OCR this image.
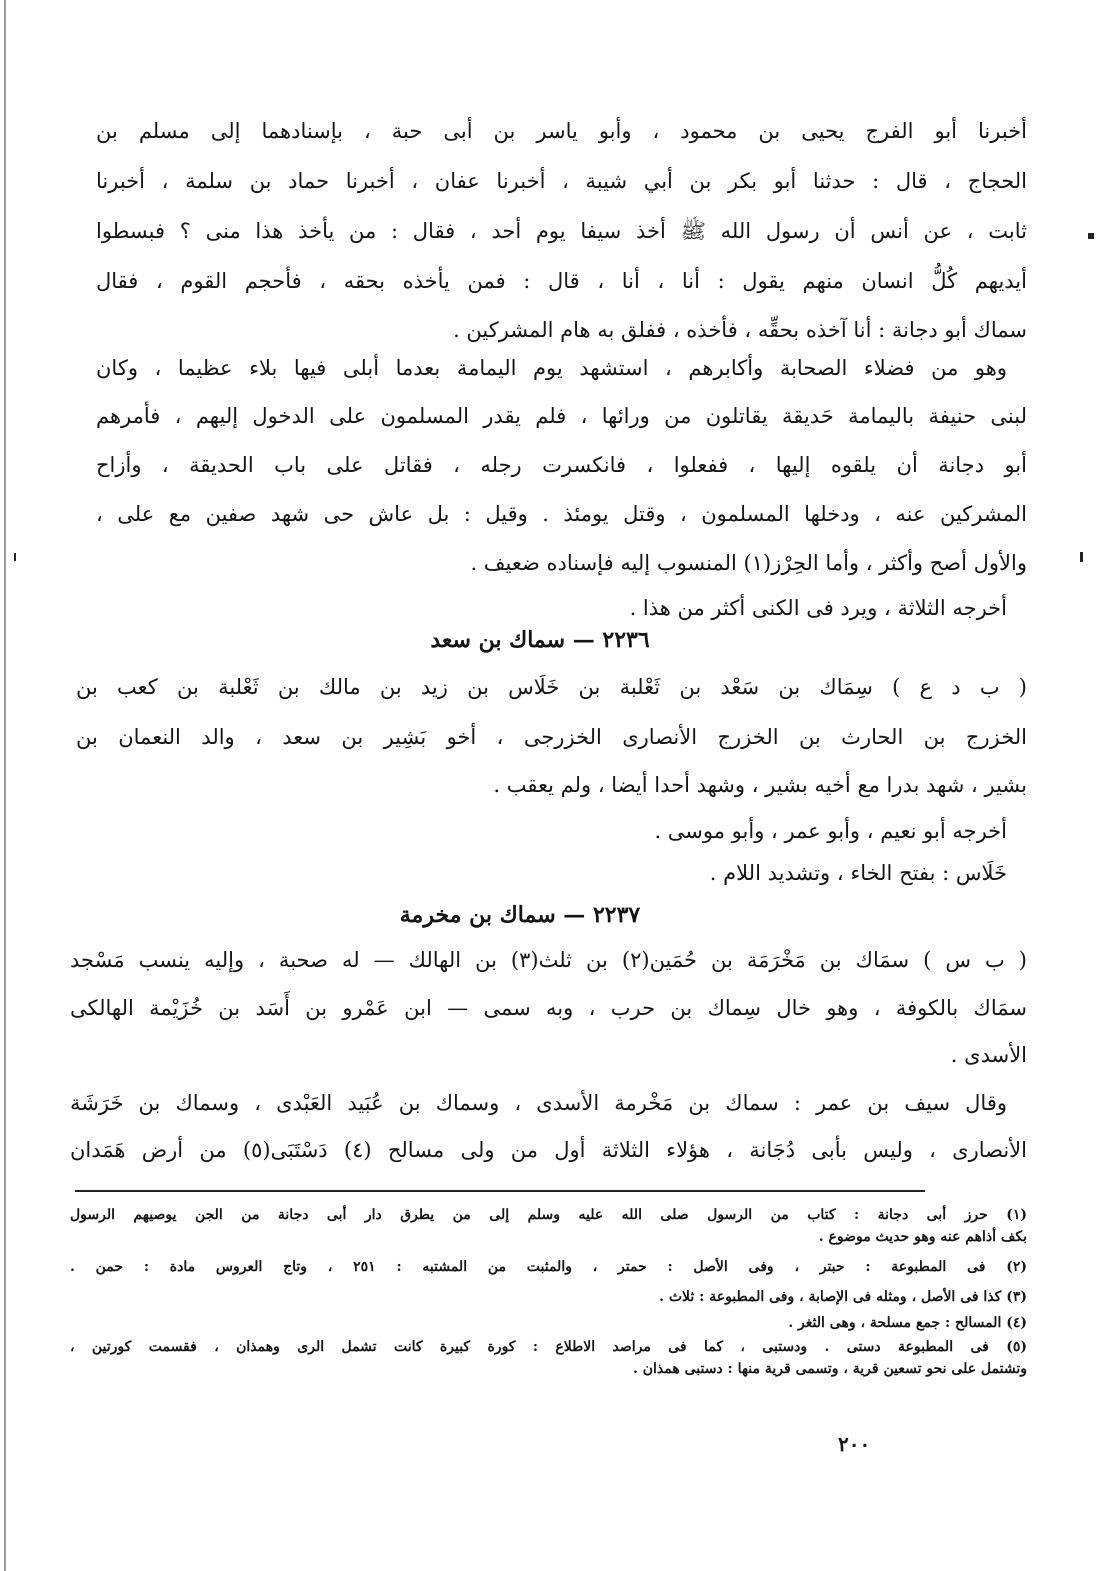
أخبرنا أبو الفرج يحيى بن محمود ، وأبو ياسر بن أبى حبة ، بإسنادهما إلى مسلم بن
الحجاج ، قال : حدثنا أبو بكر بن أبي شيبة ، أخبرنا عفان ، أخبرنا حماد بن سلمة ، أخبرنا
ثابت ، عن أنس أن رسول الله ﷺ أخذ سيفا يوم أحد ، فقال : من يأخذ هذا منى ؟ فبسطوا
أيديهم كُلُّ انسان منهم يقول : أنا ، أنا ، قال : فمن يأخذه بحقه ، فأحجم القوم ، فقال
سماك أبو دجانة : أنا آخذه بحقِّه ، فأخذه ، ففلق به هام المشركين .
وهو من فضلاء الصحابة وأكابرهم ، استشهد يوم اليمامة بعدما أبلى فيها بلاء عظيما ، وكان
لبنى حنيفة باليمامة حَديقة يقاتلون من ورائها ، فلم يقدر المسلمون على الدخول إليهم ، فأمرهم
أبو دجانة أن يلقوه إليها ، ففعلوا ، فانكسرت رجله ، فقاتل على باب الحديقة ، وأزاح
المشركين عنه ، ودخلها المسلمون ، وقتل يومئذ . وقيل : بل عاش حى شهد صفين مع على ،
والأول أصح وأكثر ، وأما الحِرْز(١) المنسوب إليه فإسناده ضعيف .
أخرجه الثلاثة ، ويرد فى الكنى أكثر من هذا .
٢٢٣٦ — سماك بن سعد
( ب د ع ) سِمَاك بن سَعْد بن ثَعْلبة بن خَلَاس بن زيد بن مالك بن ثَعْلبة بن كعب بن
الخزرج بن الحارث بن الخزرج الأنصارى الخزرجى ، أخو بَشِير بن سعد ، والد النعمان بن
بشير ، شهد بدرا مع أخيه بشير ، وشهد أحدا أيضا ، ولم يعقب .
أخرجه أبو نعيم ، وأبو عمر ، وأبو موسى .
خَلَاس : بفتح الخاء ، وتشديد اللام .
٢٢٣٧ — سماك بن مخرمة
( ب س ) سمَاك بن مَخْرَمَة بن حُمَين(٢) بن ثلث(٣) بن الهالك — له صحبة ، وإليه ينسب مَسْجد
سمَاك بالكوفة ، وهو خال سِماك بن حرب ، وبه سمى — ابن عَمْرو بن أَسَد بن خُزَيْمة الهالكى
الأسدى .
وقال سيف بن عمر : سماك بن مَخْرمة الأسدى ، وسماك بن عُبَيد العَبْدى ، وسماك بن خَرَشَة
الأنصارى ، وليس بأبى دُجَانة ، هؤلاء الثلاثة أول من ولى مسالح (٤) دَسْتَبَى(٥) من أرض هَمَدان
(١) حرز أبى دجانة : كتاب من الرسول صلى الله عليه وسلم إلى من يطرق دار أبى دجانة من الجن يوصيهم الرسول
بكف أذاهم عنه وهو حديث موضوع .
(٢) فى المطبوعة : حبتر ، وفى الأصل : حمتر ، والمثبت من المشتبه : ٢٥١ ، وتاج العروس مادة : حمن .
(٣) كذا فى الأصل ، ومثله فى الإصابة ، وفى المطبوعة : ثلاث .
(٤) المسالح : جمع مسلحة ، وهى الثغر .
(٥) فى المطبوعة دستى . ودستبى ، كما فى مراصد الاطلاع : كورة كبيرة كانت تشمل الرى وهمذان ، فقسمت كورتين ،
وتشتمل على نحو تسعين قرية ، وتسمى قرية منها : دستبى همذان .
٢٠٠
